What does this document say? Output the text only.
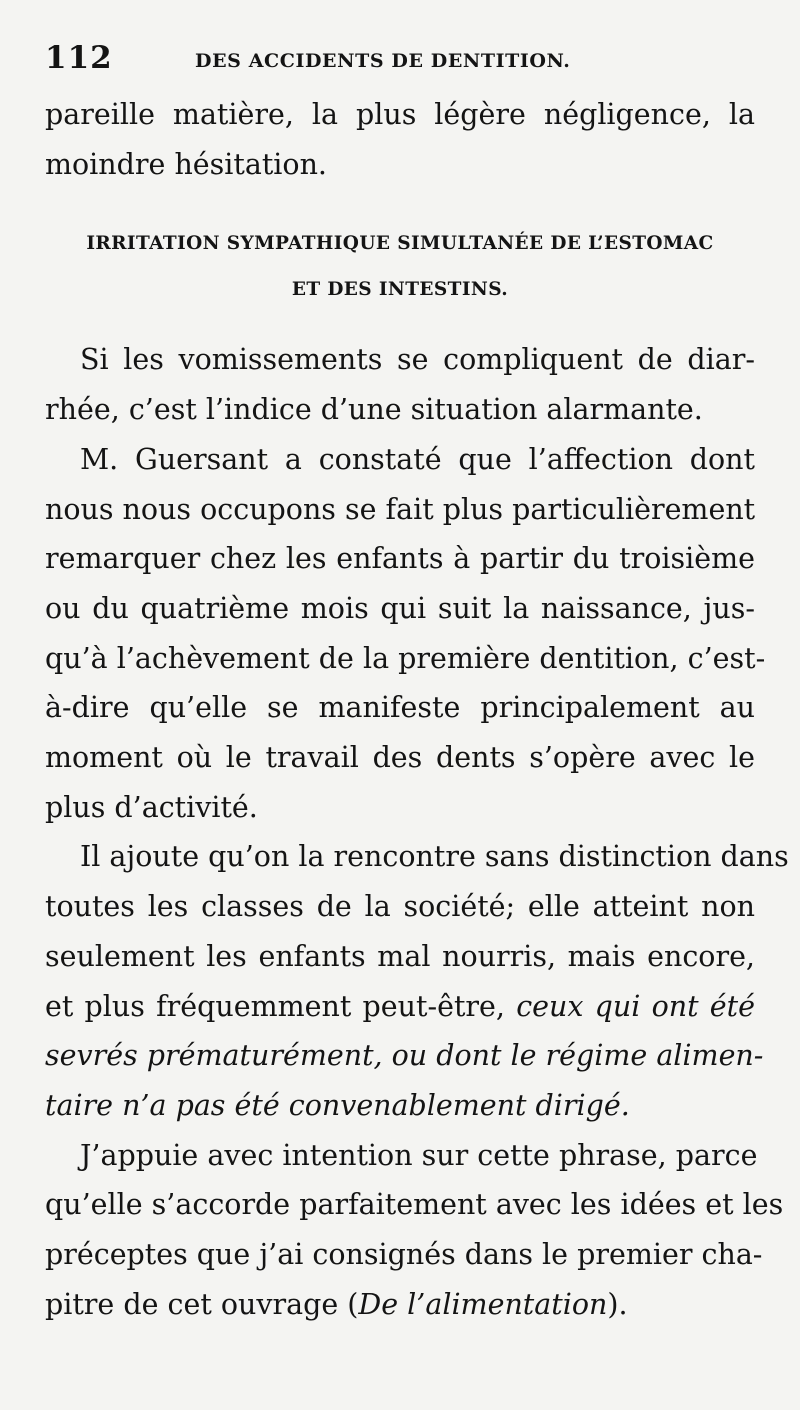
112	DES ACCIDENTS DE DENTITION.
pareille matière, la plus légère négligence, la
moindre hésitation.
IRRITATION SYMPATHIQUE SIMULTANÉE DE L’ESTOMAC
ET DES INTESTINS.
Si les vomissements se compliquent de diar-
rhée, c’est l’indice d’une situation alarmante.
M. Guersant a constaté que l’affection dont
nous nous occupons se fait plus particulièrement
remarquer chez les enfants à partir du troisième
ou du quatrième mois qui suit la naissance, jus-
qu’à l’achèvement de la première dentition, c’est-
à-dire qu’elle se manifeste principalement au
moment où le travail des dents s’opère avec le
plus d’activité.
Il ajoute qu’on la rencontre sans distinction dans
toutes les classes de la société; elle atteint non
seulement les enfants mal nourris, mais encore,
et plus fréquemment peut-être, ceux qui ont été
sevrés prématurément, ou dont le régime alimen-
taire n’a pas été convenablement dirigé.
J’appuie avec intention sur cette phrase, parce
qu’elle s’accorde parfaitement avec les idées et les
préceptes que j’ai consignés dans le premier cha-
pitre de cet ouvrage (De l’alimentation).
